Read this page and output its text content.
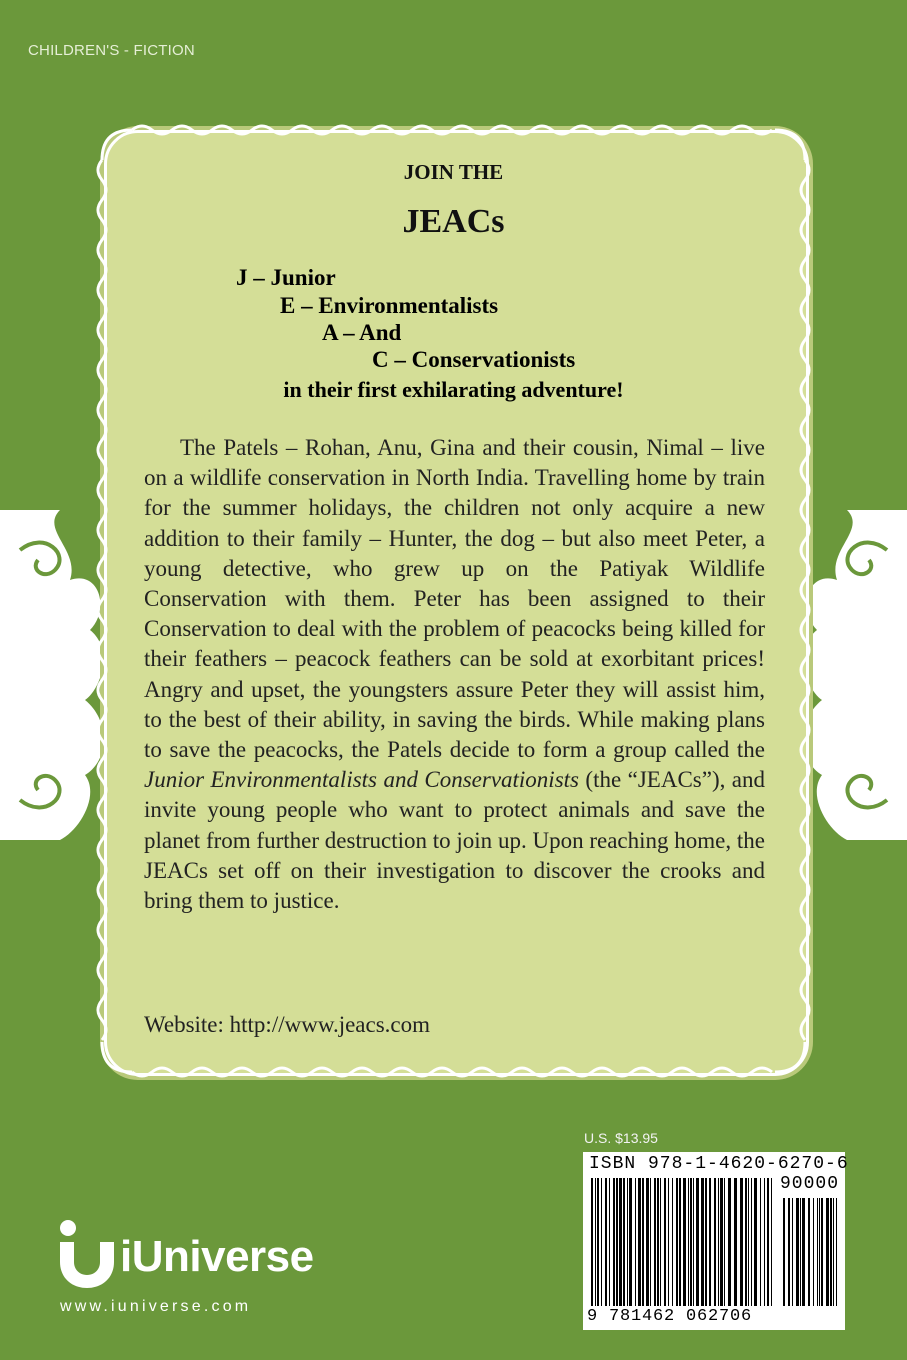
CHILDREN'S - FICTION

JOIN THE

JEACs

J – Junior
E – Environmentalists
A – And
C – Conservationists
in their first exhilarating adventure!

The Patels – Rohan, Anu, Gina and their cousin, Nimal – live on a wildlife conservation in North India. Travelling home by train for the summer holidays, the children not only acquire a new addition to their family – Hunter, the dog – but also meet Peter, a young detective, who grew up on the Patiyak Wildlife Conservation with them. Peter has been assigned to their Conservation to deal with the problem of peacocks being killed for their feathers – peacock feathers can be sold at exorbitant prices! Angry and upset, the youngsters assure Peter they will assist him, to the best of their ability, in saving the birds. While making plans to save the peacocks, the Patels decide to form a group called the Junior Environmentalists and Conservationists (the “JEACs”), and invite young people who want to protect animals and save the planet from further destruction to join up. Upon reaching home, the JEACs set off on their investigation to discover the crooks and bring them to justice.

Website: http://www.jeacs.com
U.S. $13.95
ISBN 978-1-4620-6270-6
90000
9 781462 062706
iUniverse
www.iuniverse.com
